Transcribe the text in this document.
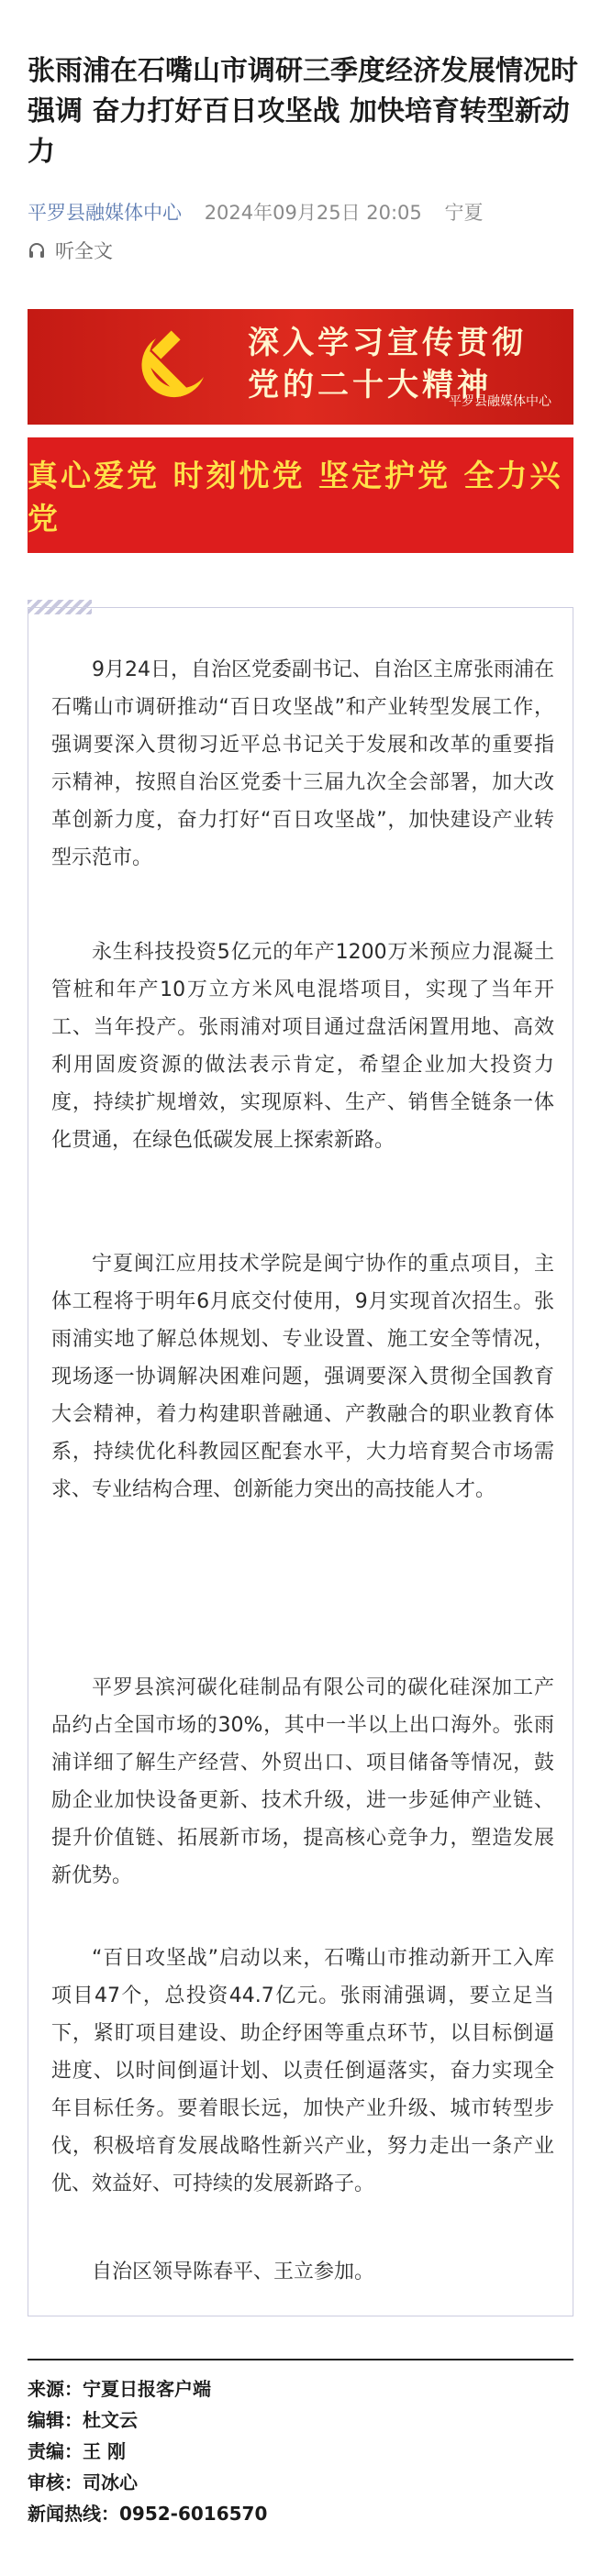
张雨浦在石嘴山市调研三季度经济发展情况时强调 奋力打好百日攻坚战 加快培育转型新动力
平罗县融媒体中心 2024年09月25日 20:05 宁夏
听全文
深入学习宣传贯彻
党的二十大精神
平罗县融媒体中心
真心爱党 时刻忧党 坚定护党 全力兴党

9月24日，自治区党委副书记、自治区主席张雨浦在石嘴山市调研推动“百日攻坚战”和产业转型发展工作，强调要深入贯彻习近平总书记关于发展和改革的重要指示精神，按照自治区党委十三届九次全会部署，加大改革创新力度，奋力打好“百日攻坚战”，加快建设产业转型示范市。

永生科技投资5亿元的年产1200万米预应力混凝土管桩和年产10万立方米风电混塔项目，实现了当年开工、当年投产。张雨浦对项目通过盘活闲置用地、高效利用固废资源的做法表示肯定，希望企业加大投资力度，持续扩规增效，实现原料、生产、销售全链条一体化贯通，在绿色低碳发展上探索新路。

宁夏闽江应用技术学院是闽宁协作的重点项目，主体工程将于明年6月底交付使用，9月实现首次招生。张雨浦实地了解总体规划、专业设置、施工安全等情况，现场逐一协调解决困难问题，强调要深入贯彻全国教育大会精神，着力构建职普融通、产教融合的职业教育体系，持续优化科教园区配套水平，大力培育契合市场需求、专业结构合理、创新能力突出的高技能人才。

平罗县滨河碳化硅制品有限公司的碳化硅深加工产品约占全国市场的30%，其中一半以上出口海外。张雨浦详细了解生产经营、外贸出口、项目储备等情况，鼓励企业加快设备更新、技术升级，进一步延伸产业链、提升价值链、拓展新市场，提高核心竞争力，塑造发展新优势。

“百日攻坚战”启动以来，石嘴山市推动新开工入库项目47个，总投资44.7亿元。张雨浦强调，要立足当下，紧盯项目建设、助企纾困等重点环节，以目标倒逼进度、以时间倒逼计划、以责任倒逼落实，奋力实现全年目标任务。要着眼长远，加快产业升级、城市转型步伐，积极培育发展战略性新兴产业，努力走出一条产业优、效益好、可持续的发展新路子。

自治区领导陈春平、王立参加。

来源：宁夏日报客户端
编辑：杜文云
责编：王 刚
审核：司冰心
新闻热线：0952-6016570
